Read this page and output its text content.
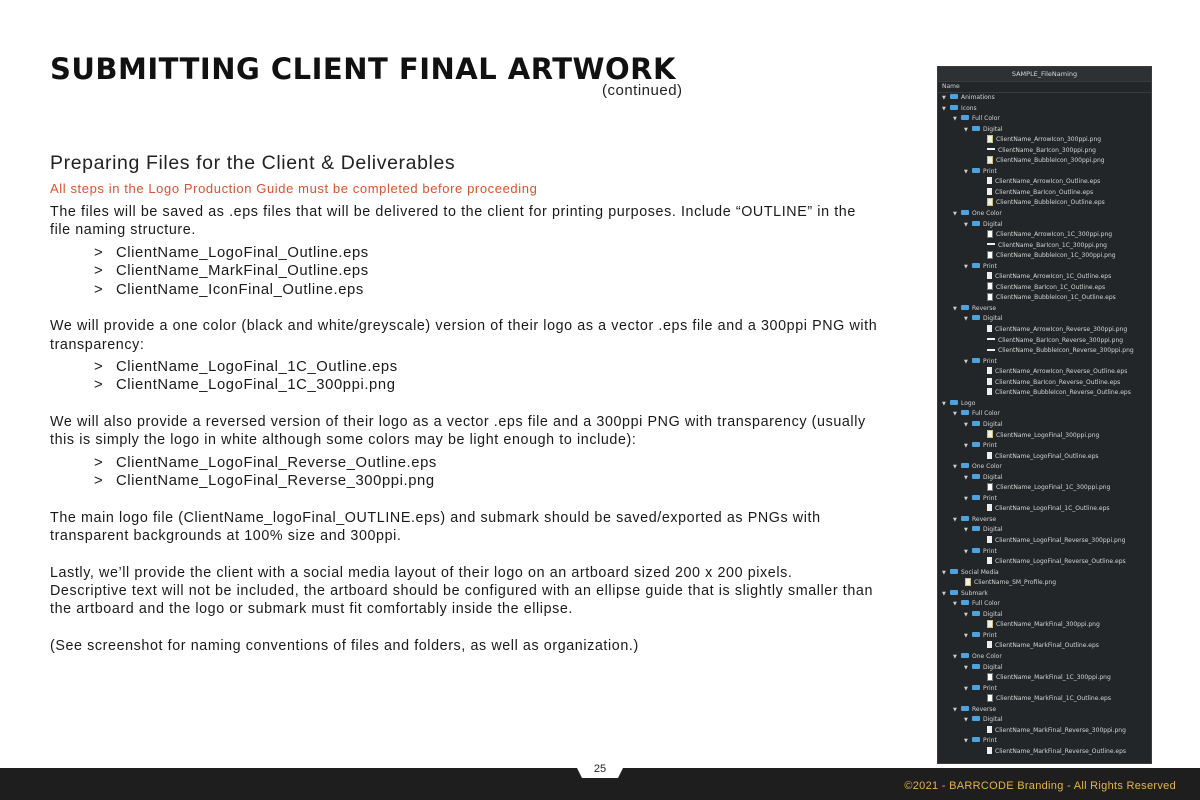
SUBMITTING CLIENT FINAL ARTWORK
(continued)
Preparing Files for the Client & Deliverables

All steps in the Logo Production Guide must be completed before proceeding

The files will be saved as .eps files that will be delivered to the client for printing purposes. Include “OUTLINE” in the file naming structure.

> ClientName_LogoFinal_Outline.eps
> ClientName_MarkFinal_Outline.eps
> ClientName_IconFinal_Outline.eps

We will provide a one color (black and white/greyscale) version of their logo as a vector .eps file and a 300ppi PNG with transparency:

> ClientName_LogoFinal_1C_Outline.eps
> ClientName_LogoFinal_1C_300ppi.png

We will also provide a reversed version of their logo as a vector .eps file and a 300ppi PNG with transparency (usually this is simply the logo in white although some colors may be light enough to include):

> ClientName_LogoFinal_Reverse_Outline.eps
> ClientName_LogoFinal_Reverse_300ppi.png

The main logo file (ClientName_logoFinal_OUTLINE.eps) and submark should be saved/exported as PNGs with transparent backgrounds at 100% size and 300ppi.

Lastly, we’ll provide the client with a social media layout of their logo on an artboard sized 200 x 200 pixels.

Descriptive text will not be included, the artboard should be configured with an ellipse guide that is slightly smaller than the artboard and the logo or submark must fit comfortably inside the ellipse.

(See screenshot for naming conventions of files and folders, as well as organization.)

SAMPLE_FileNaming
Name
▼	Animations
▼	Icons
▼	Full Color
▼	Digital
ClientName_ArrowIcon_300ppi.png
ClientName_BarIcon_300ppi.png
ClientName_BubbleIcon_300ppi.png
▼	Print
ClientName_ArrowIcon_Outline.eps
ClientName_BarIcon_Outline.eps
ClientName_BubbleIcon_Outline.eps
▼	One Color
▼	Digital
ClientName_ArrowIcon_1C_300ppi.png
ClientName_BarIcon_1C_300ppi.png
ClientName_BubbleIcon_1C_300ppi.png
▼	Print
ClientName_ArrowIcon_1C_Outline.eps
ClientName_BarIcon_1C_Outline.eps
ClientName_BubbleIcon_1C_Outline.eps
▼	Reverse
▼	Digital
ClientName_ArrowIcon_Reverse_300ppi.png
ClientName_BarIcon_Reverse_300ppi.png
ClientName_BubbleIcon_Reverse_300ppi.png
▼	Print
ClientName_ArrowIcon_Reverse_Outline.eps
ClientName_BarIcon_Reverse_Outline.eps
ClientName_BubbleIcon_Reverse_Outline.eps
▼	Logo
▼	Full Color
▼	Digital
ClientName_LogoFinal_300ppi.png
▼	Print
ClientName_LogoFinal_Outline.eps
▼	One Color
▼	Digital
ClientName_LogoFinal_1C_300ppi.png
▼	Print
ClientName_LogoFinal_1C_Outline.eps
▼	Reverse
▼	Digital
ClientName_LogoFinal_Reverse_300ppi.png
▼	Print
ClientName_LogoFinal_Reverse_Outline.eps
▼	Social Media
ClientName_SM_Profile.png
▼	Submark
▼	Full Color
▼	Digital
ClientName_MarkFinal_300ppi.png
▼	Print
ClientName_MarkFinal_Outline.eps
▼	One Color
▼	Digital
ClientName_MarkFinal_1C_300ppi.png
▼	Print
ClientName_MarkFinal_1C_Outline.eps
▼	Reverse
▼	Digital
ClientName_MarkFinal_Reverse_300ppi.png
▼	Print
ClientName_MarkFinal_Reverse_Outline.eps
25
©2021 - BARRCODE Branding - All Rights Reserved
